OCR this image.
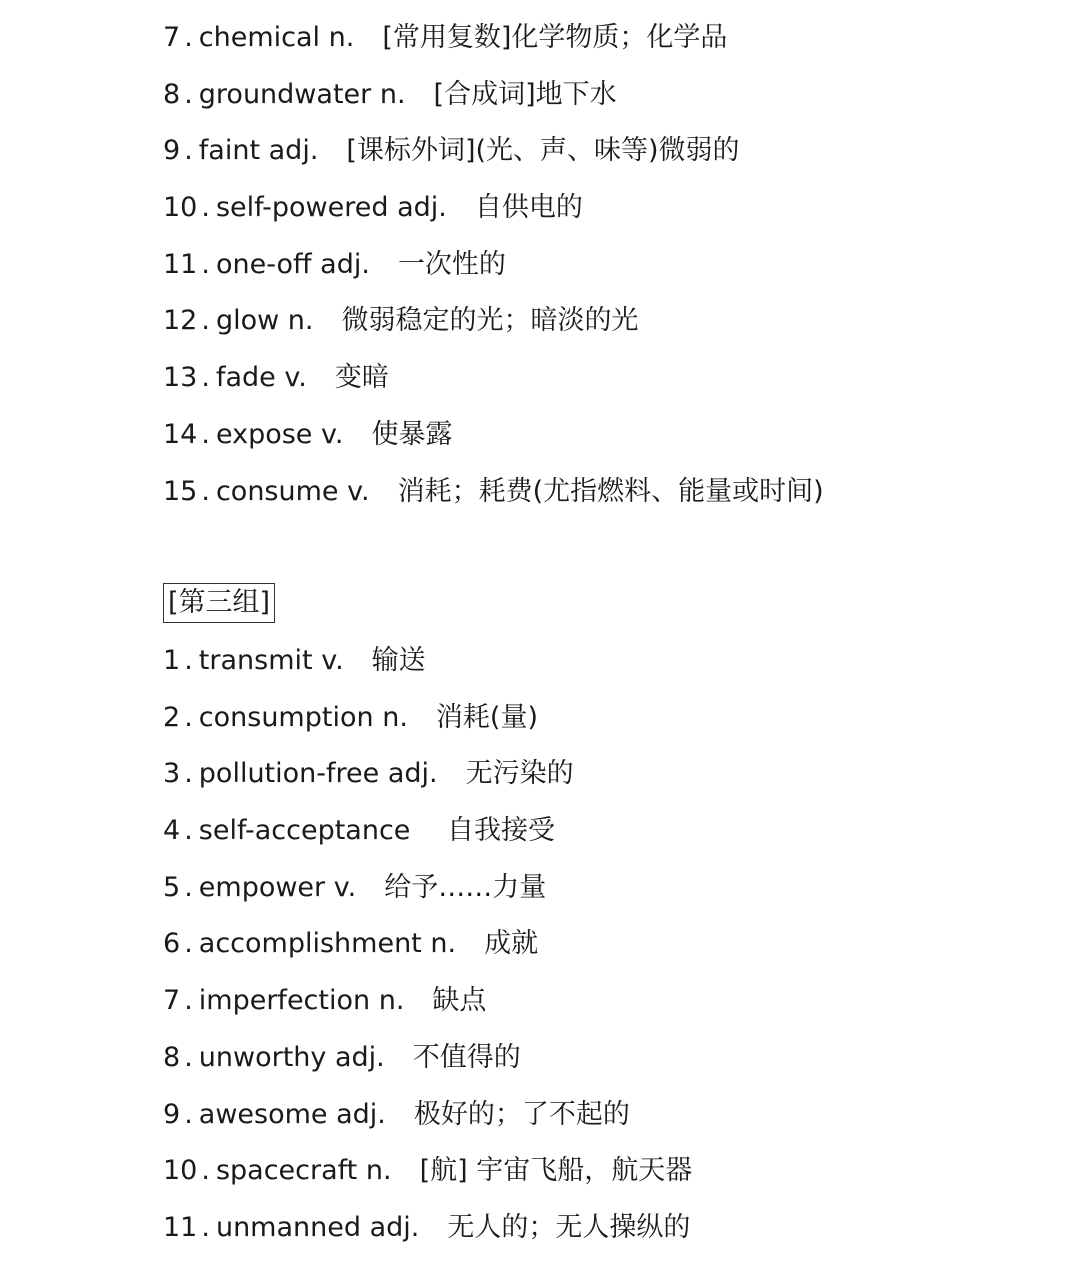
7 . chemical n. [常用复数]化学物质；化学品
8 . groundwater n. [合成词]地下水
9 . faint adj. [课标外词](光、声、味等)微弱的
10 . self-powered adj. 自供电的
11 . one-off adj. 一次性的
12 . glow n. 微弱稳定的光；暗淡的光
13 . fade v. 变暗
14 . expose v. 使暴露
15 . consume v. 消耗；耗费(尤指燃料、能量或时间)
[第三组]
1 . transmit v. 输送
2 . consumption n. 消耗(量)
3 . pollution-free adj. 无污染的
4 . self-acceptance 自我接受
5 . empower v. 给予……力量
6 . accomplishment n. 成就
7 . imperfection n. 缺点
8 . unworthy adj. 不值得的
9 . awesome adj. 极好的；了不起的
10 . spacecraft n. [航] 宇宙飞船，航天器
11 . unmanned adj. 无人的；无人操纵的
